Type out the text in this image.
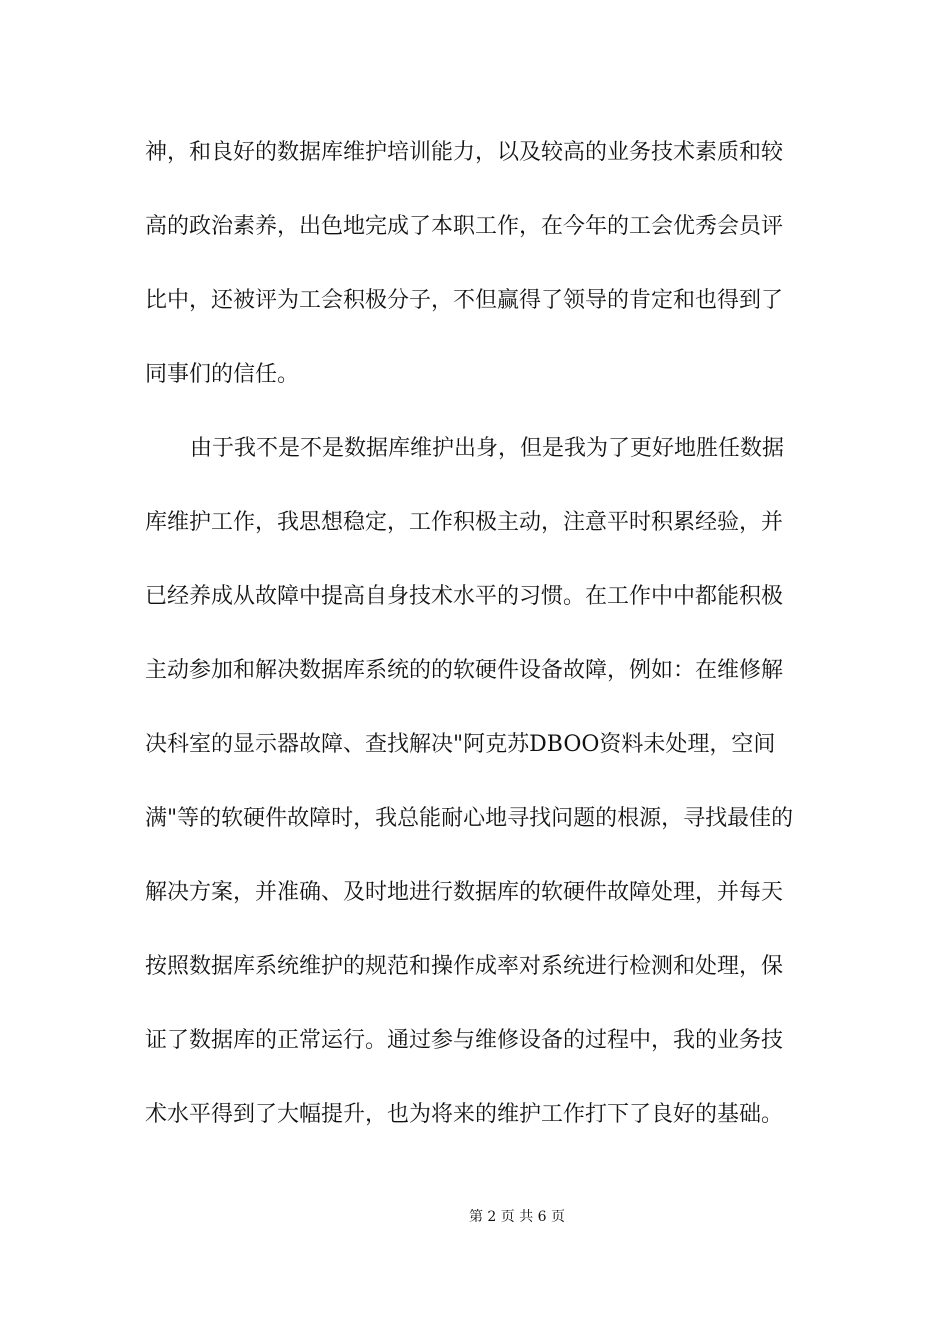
神，和良好的数据库维护培训能力，以及较高的业务技术素质和较
高的政治素养，出色地完成了本职工作，在今年的工会优秀会员评
比中，还被评为工会积极分子，不但赢得了领导的肯定和也得到了
同事们的信任。
由于我不是不是数据库维护出身，但是我为了更好地胜任数据
库维护工作，我思想稳定，工作积极主动，注意平时积累经验，并
已经养成从故障中提高自身技术水平的习惯。在工作中中都能积极
主动参加和解决数据库系统的的软硬件设备故障，例如：在维修解
决科室的显示器故障、查找解决"阿克苏DBOO资料未处理，空间
满"等的软硬件故障时，我总能耐心地寻找问题的根源，寻找最佳的
解决方案，并准确、及时地进行数据库的软硬件故障处理，并每天
按照数据库系统维护的规范和操作成率对系统进行检测和处理，保
证了数据库的正常运行。通过参与维修设备的过程中，我的业务技
术水平得到了大幅提升，也为将来的维护工作打下了良好的基础。
第 2 页 共 6 页
